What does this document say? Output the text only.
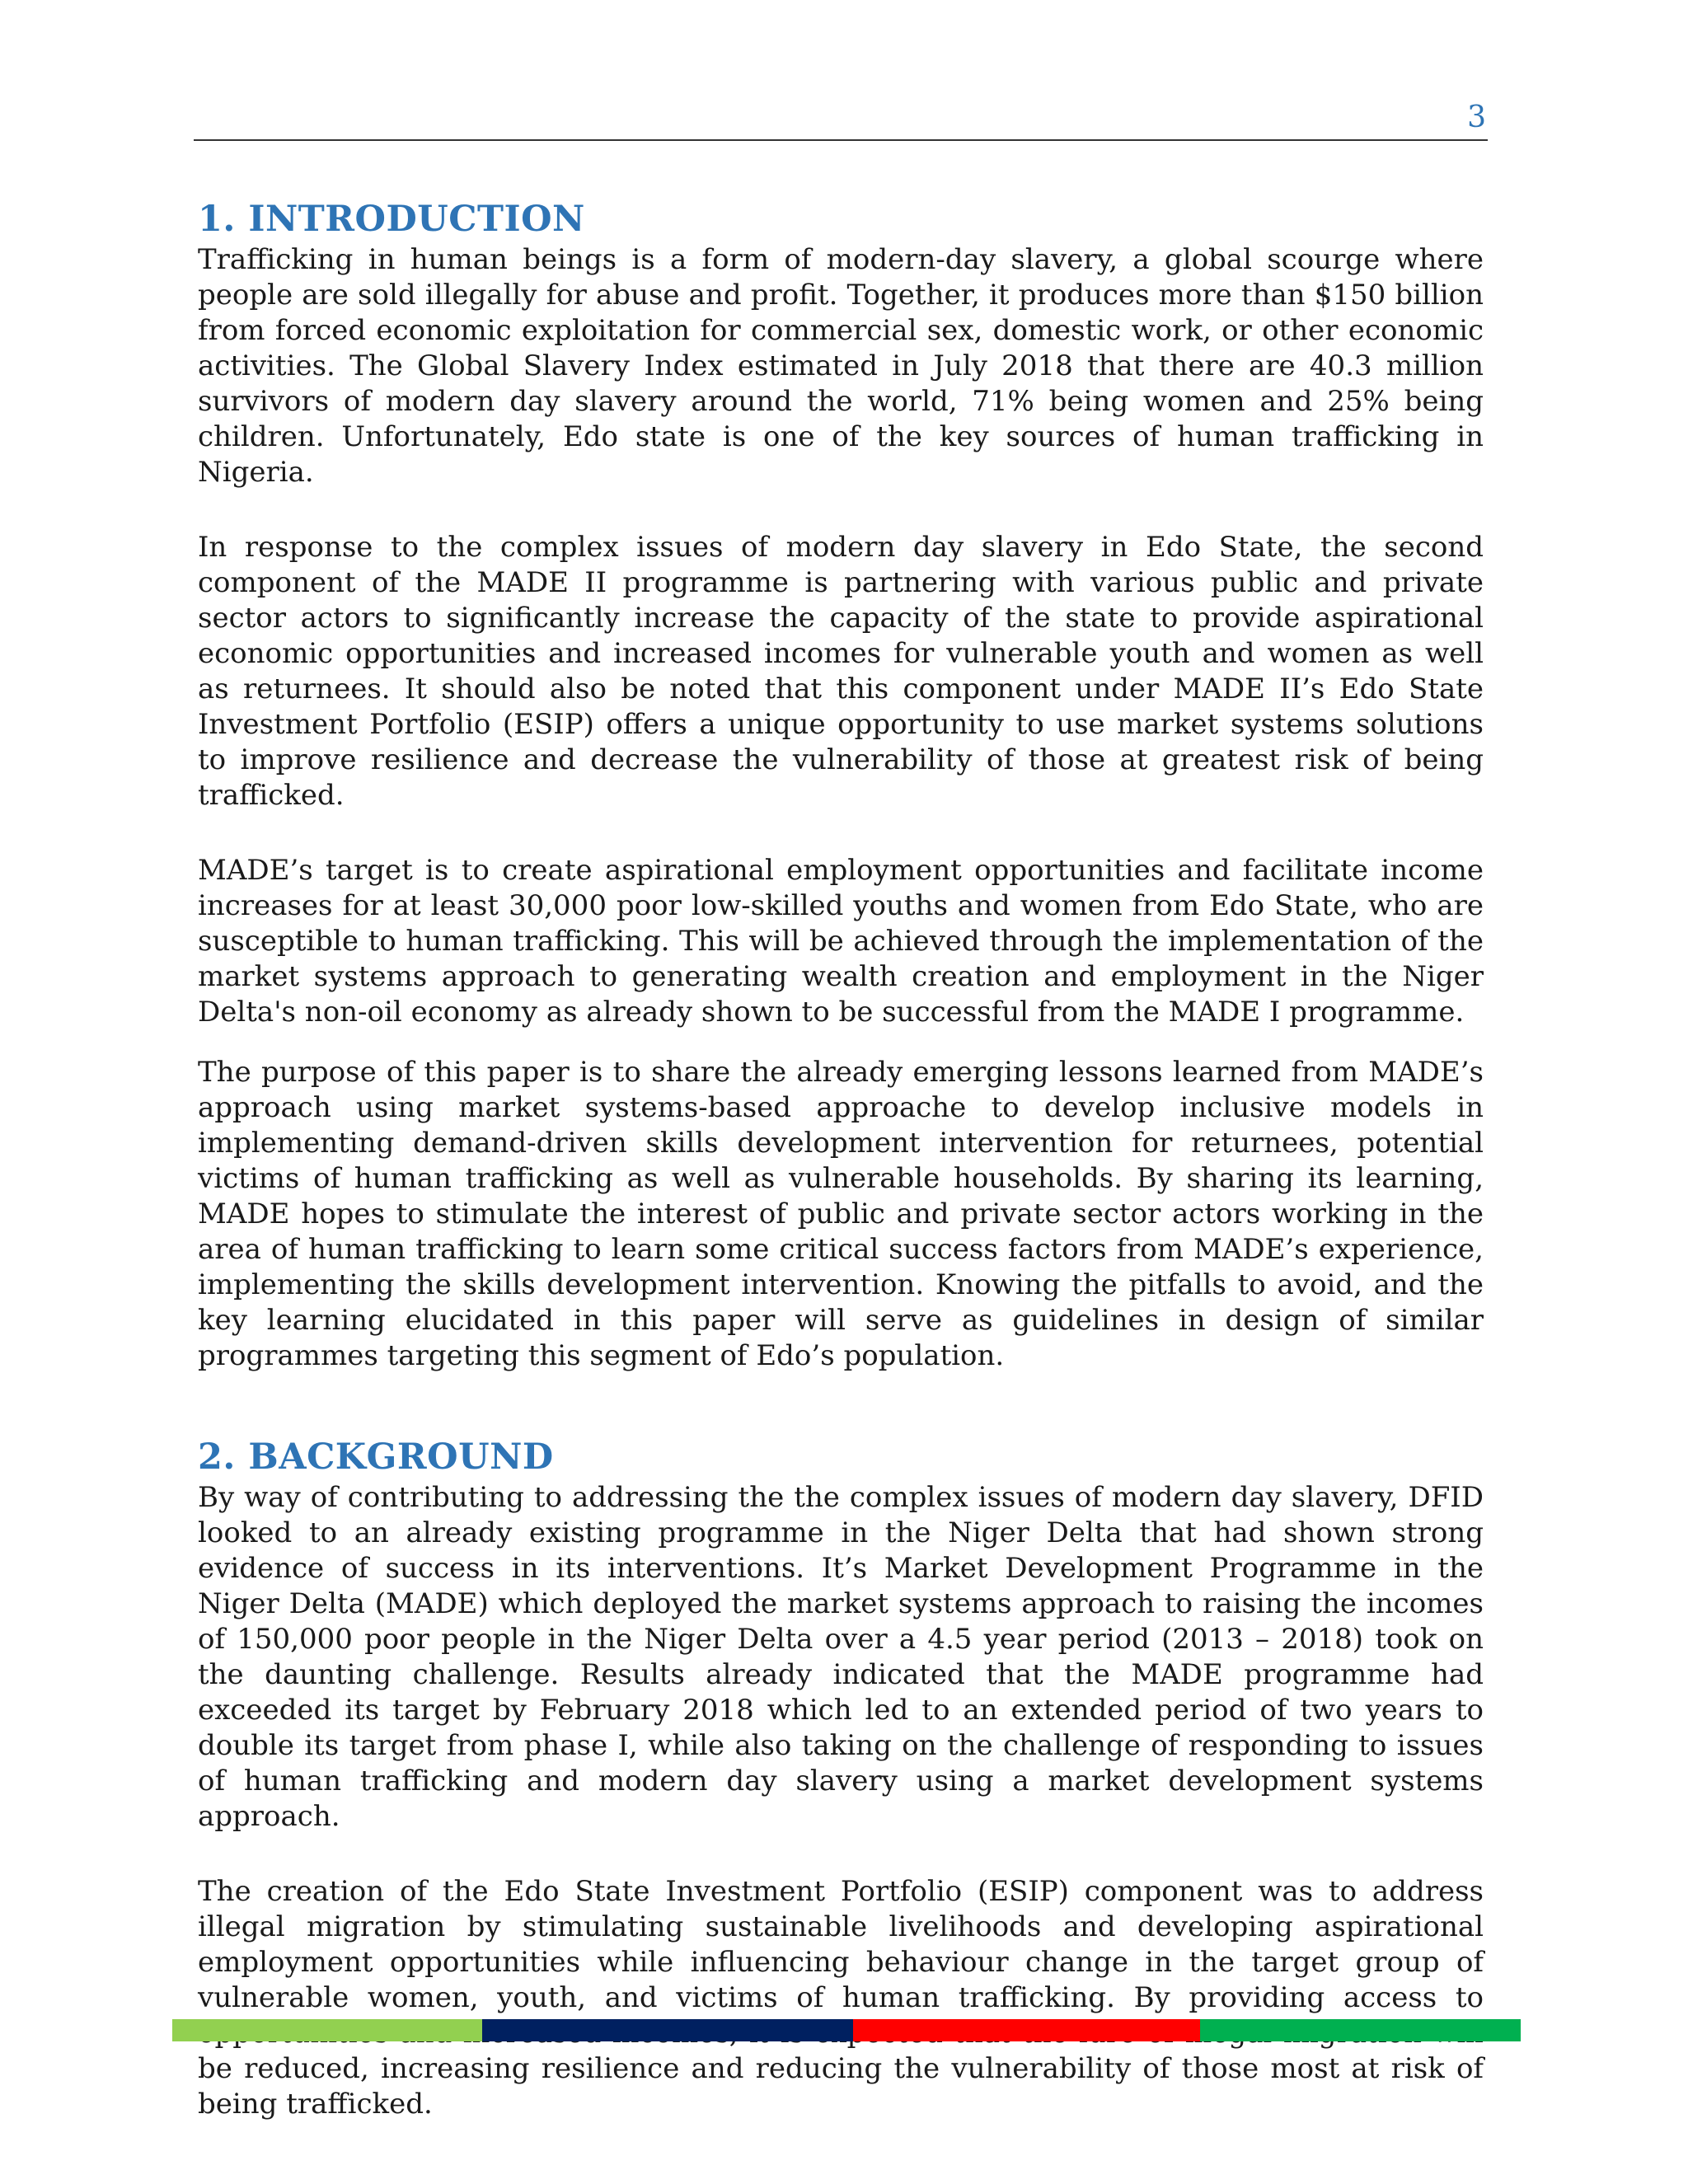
3
1. INTRODUCTION

Trafficking in human beings is a form of modern-day slavery, a global scourge where people are sold illegally for abuse and profit. Together, it produces more than $150 billion from forced economic exploitation for commercial sex, domestic work, or other economic activities. The Global Slavery Index estimated in July 2018 that there are 40.3 million survivors of modern day slavery around the world, 71% being women and 25% being children. Unfortunately, Edo state is one of the key sources of human trafficking in Nigeria.

In response to the complex issues of modern day slavery in Edo State, the second component of the MADE II programme is partnering with various public and private sector actors to significantly increase the capacity of the state to provide aspirational economic opportunities and increased incomes for vulnerable youth and women as well as returnees. It should also be noted that this component under MADE II’s Edo State Investment Portfolio (ESIP) offers a unique opportunity to use market systems solutions to improve resilience and decrease the vulnerability of those at greatest risk of being trafficked.

MADE’s target is to create aspirational employment opportunities and facilitate income increases for at least 30,000 poor low-skilled youths and women from Edo State, who are susceptible to human trafficking. This will be achieved through the implementation of the market systems approach to generating wealth creation and employment in the Niger Delta's non-oil economy as already shown to be successful from the MADE I programme.

The purpose of this paper is to share the already emerging lessons learned from MADE’s approach using market systems-based approache to develop inclusive models in implementing demand-driven skills development intervention for returnees, potential victims of human trafficking as well as vulnerable households. By sharing its learning, MADE hopes to stimulate the interest of public and private sector actors working in the area of human trafficking to learn some critical success factors from MADE’s experience, implementing the skills development intervention. Knowing the pitfalls to avoid, and the key learning elucidated in this paper will serve as guidelines in design of similar programmes targeting this segment of Edo’s population.

2. BACKGROUND

By way of contributing to addressing the the complex issues of modern day slavery, DFID looked to an already existing programme in the Niger Delta that had shown strong evidence of success in its interventions. It’s Market Development Programme in the Niger Delta (MADE) which deployed the market systems approach to raising the incomes of 150,000 poor people in the Niger Delta over a 4.5 year period (2013 – 2018) took on the daunting challenge. Results already indicated that the MADE programme had exceeded its target by February 2018 which led to an extended period of two years to double its target from phase I, while also taking on the challenge of responding to issues of human trafficking and modern day slavery using a market development systems approach.

The creation of the Edo State Investment Portfolio (ESIP) component was to address illegal migration by stimulating sustainable livelihoods and developing aspirational employment opportunities while influencing behaviour change in the target group of vulnerable women, youth, and victims of human trafficking. By providing access to be reduced, increasing resilience and reducing the vulnerability of those most at risk of being trafficked.
